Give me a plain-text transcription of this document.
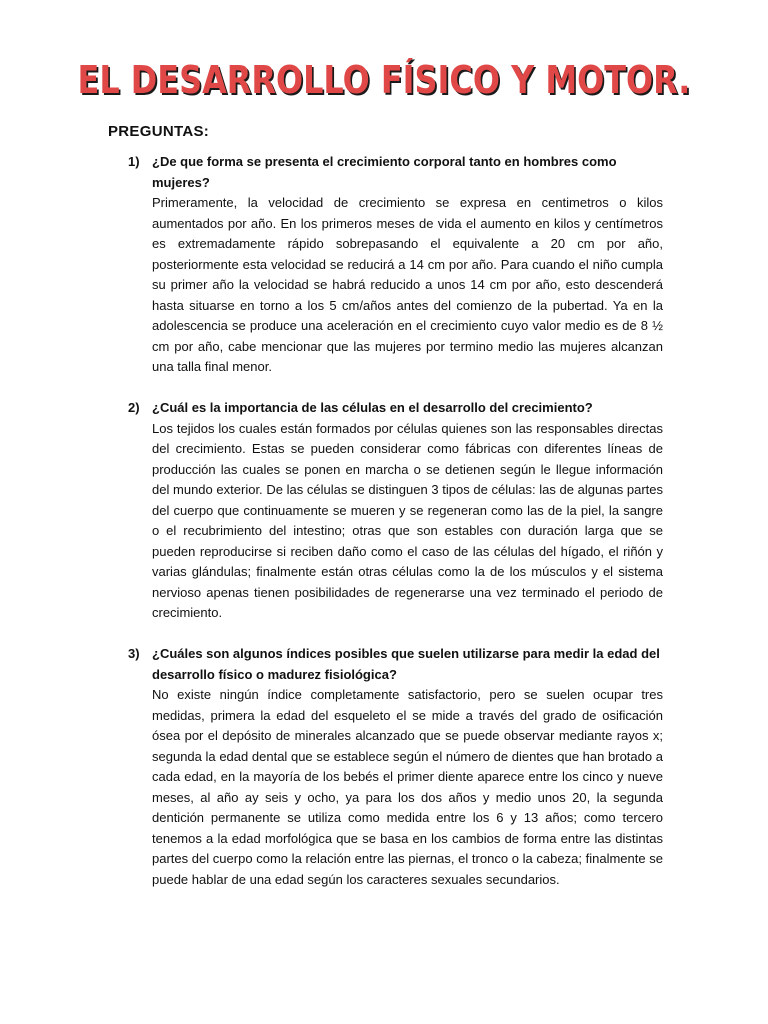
EL DESARROLLO FÍSICO Y MOTOR.
PREGUNTAS:
1) ¿De que forma se presenta el crecimiento corporal tanto en hombres como mujeres?

Primeramente, la velocidad de crecimiento se expresa en centimetros o kilos aumentados por año. En los primeros meses de vida el aumento en kilos y centímetros es extremadamente rápido sobrepasando el equivalente a 20 cm por año, posteriormente esta velocidad se reducirá a 14 cm por año. Para cuando el niño cumpla su primer año la velocidad se habrá reducido a unos 14 cm por año, esto descenderá hasta situarse en torno a los 5 cm/años antes del comienzo de la pubertad. Ya en la adolescencia se produce una aceleración en el crecimiento cuyo valor medio es de 8 ½ cm por año, cabe mencionar que las mujeres por termino medio las mujeres alcanzan una talla final menor.

2) ¿Cuál es la importancia de las células en el desarrollo del crecimiento?

Los tejidos los cuales están formados por células quienes son las responsables directas del crecimiento. Estas se pueden considerar como fábricas con diferentes líneas de producción las cuales se ponen en marcha o se detienen según le llegue información del mundo exterior. De las células se distinguen 3 tipos de células: las de algunas partes del cuerpo que continuamente se mueren y se regeneran como las de la piel, la sangre o el recubrimiento del intestino; otras que son estables con duración larga que se pueden reproducirse si reciben daño como el caso de las células del hígado, el riñón y varias glándulas; finalmente están otras células como la de los músculos y el sistema nervioso apenas tienen posibilidades de regenerarse una vez terminado el periodo de crecimiento.

3) ¿Cuáles son algunos índices posibles que suelen utilizarse para medir la edad del desarrollo físico o madurez fisiológica?

No existe ningún índice completamente satisfactorio, pero se suelen ocupar tres medidas, primera la edad del esqueleto el se mide a través del grado de osificación ósea por el depósito de minerales alcanzado que se puede observar mediante rayos x; segunda la edad dental que se establece según el número de dientes que han brotado a cada edad, en la mayoría de los bebés el primer diente aparece entre los cinco y nueve meses, al año ay seis y ocho, ya para los dos años y medio unos 20, la segunda dentición permanente se utiliza como medida entre los 6 y 13 años; como tercero tenemos a la edad morfológica que se basa en los cambios de forma entre las distintas partes del cuerpo como la relación entre las piernas, el tronco o la cabeza; finalmente se puede hablar de una edad según los caracteres sexuales secundarios.
